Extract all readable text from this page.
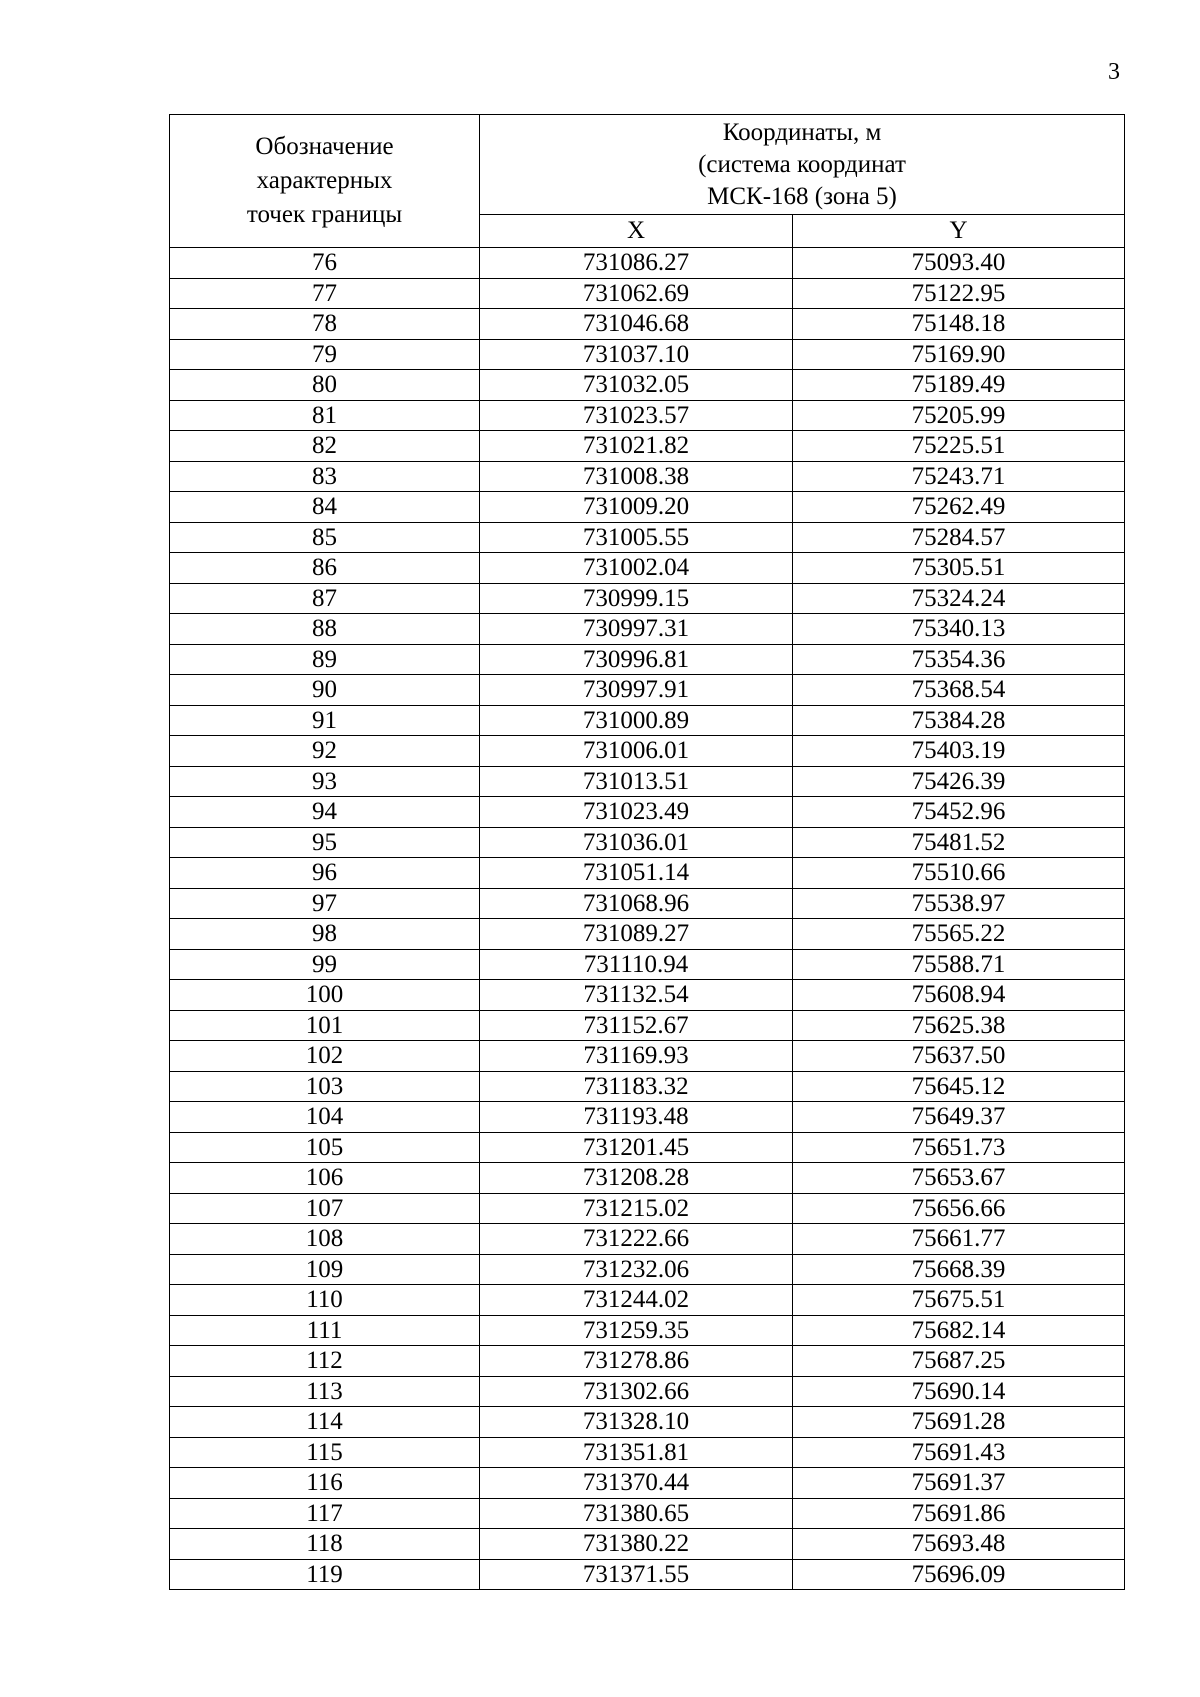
3
Обозначение
характерных
точек границы	Координаты, м
(система координат
МСК-168 (зона 5)	

	X	Y
76	731086.27	75093.40
77	731062.69	75122.95
78	731046.68	75148.18
79	731037.10	75169.90
80	731032.05	75189.49
81	731023.57	75205.99
82	731021.82	75225.51
83	731008.38	75243.71
84	731009.20	75262.49
85	731005.55	75284.57
86	731002.04	75305.51
87	730999.15	75324.24
88	730997.31	75340.13
89	730996.81	75354.36
90	730997.91	75368.54
91	731000.89	75384.28
92	731006.01	75403.19
93	731013.51	75426.39
94	731023.49	75452.96
95	731036.01	75481.52
96	731051.14	75510.66
97	731068.96	75538.97
98	731089.27	75565.22
99	731110.94	75588.71
100	731132.54	75608.94
101	731152.67	75625.38
102	731169.93	75637.50
103	731183.32	75645.12
104	731193.48	75649.37
105	731201.45	75651.73
106	731208.28	75653.67
107	731215.02	75656.66
108	731222.66	75661.77
109	731232.06	75668.39
110	731244.02	75675.51
111	731259.35	75682.14
112	731278.86	75687.25
113	731302.66	75690.14
114	731328.10	75691.28
115	731351.81	75691.43
116	731370.44	75691.37
117	731380.65	75691.86
118	731380.22	75693.48
119	731371.55	75696.09
